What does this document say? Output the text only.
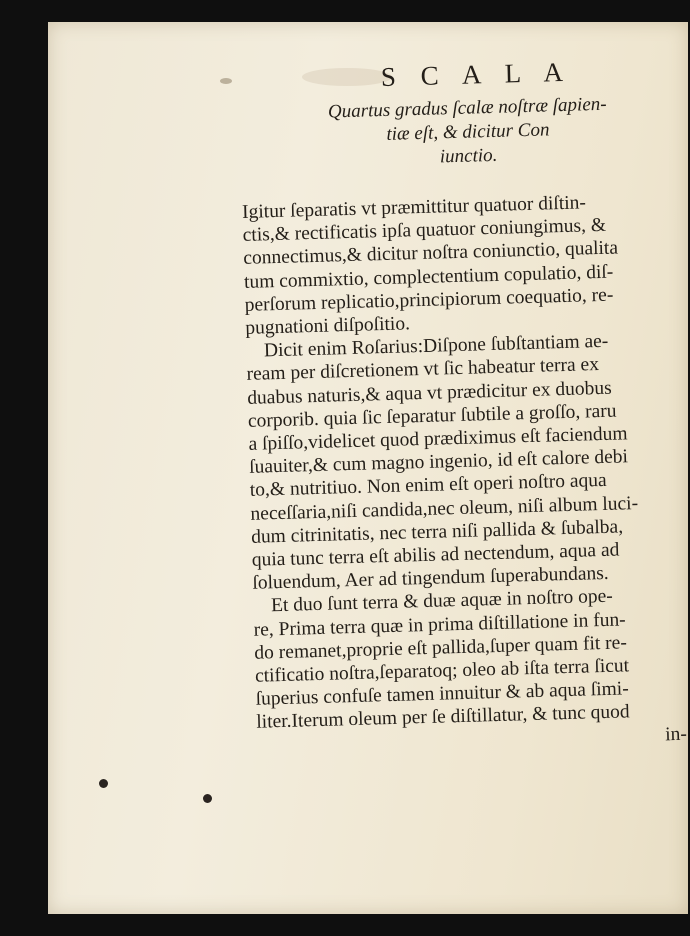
S C A L A
Quartus gradus ſcalæ noſtræ ſapien-
tiæ eſt, & dicitur Con
iunctio.
Igitur ſeparatis vt præmittitur quatuor diſtin-
ctis,& rectificatis ipſa quatuor coniungimus, &
connectimus,& dicitur noſtra coniunctio, qualita
tum commixtio, complectentium copulatio, diſ-
perſorum replicatio,principiorum coequatio, re-
pugnationi diſpoſitio.
Dicit enim Roſarius:Diſpone ſubſtantiam ae-
ream per diſcretionem vt ſic habeatur terra ex
duabus naturis,& aqua vt prædicitur ex duobus
corporib. quia ſic ſeparatur ſubtile a groſſo, raru
a ſpiſſo,videlicet quod prædiximus eſt faciendum
ſuauiter,& cum magno ingenio, id eſt calore debi
to,& nutritiuo. Non enim eſt operi noſtro aqua
neceſſaria,niſi candida,nec oleum, niſi album luci-
dum citrinitatis, nec terra niſi pallida & ſubalba,
quia tunc terra eſt abilis ad nectendum, aqua ad
ſoluendum, Aer ad tingendum ſuperabundans.
Et duo ſunt terra & duæ aquæ in noſtro ope-
re, Prima terra quæ in prima diſtillatione in fun-
do remanet,proprie eſt pallida,ſuper quam fit re-
ctificatio noſtra,ſeparatoq; oleo ab iſta terra ſicut
ſuperius confuſe tamen innuitur & ab aqua ſimi-
liter.Iterum oleum per ſe diſtillatur, & tunc quod
in-
